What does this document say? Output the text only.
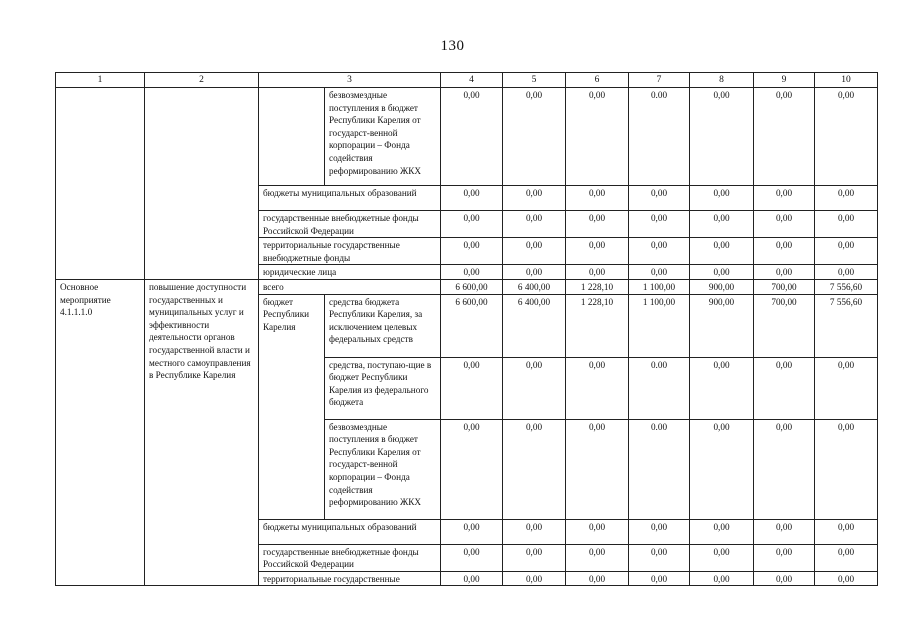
130
1	2	3		4	5	6	7	8	9	10
			безвозмездные поступления в бюджет Республики Карелия от государст-венной корпорации – Фонда содействия реформированию ЖКХ	0,00	0,00	0,00	0.00	0,00	0,00	0,00
		бюджеты муниципальных образований		0,00	0,00	0,00	0,00	0,00	0,00	0,00
		государственные внебюджетные фонды Российской Федерации		0,00	0,00	0,00	0,00	0,00	0,00	0,00
		территориальные государственные внебюджетные фонды		0,00	0,00	0,00	0,00	0,00	0,00	0,00
		юридические лица		0,00	0,00	0,00	0,00	0,00	0,00	0,00
Основное мероприятие 4.1.1.1.0	повышение доступности государственных и муниципальных услуг и эффективности деятельности органов государственной власти и местного самоуправления в Республике Карелия	всего		6 600,00	6 400,00	1 228,10	1 100,00	900,00	700,00	7 556,60
		бюджет Республики Карелия	средства бюджета Республики Карелия, за исключением целевых федеральных средств	6 600,00	6 400,00	1 228,10	1 100,00	900,00	700,00	7 556,60
			средства, поступаю-щие в бюджет Республики Карелия из федерального бюджета	0,00	0,00	0,00	0.00	0,00	0,00	0,00
			безвозмездные поступления в бюджет Республики Карелия от государст-венной корпорации – Фонда содействия реформированию ЖКХ	0,00	0,00	0,00	0.00	0,00	0,00	0,00
		бюджеты муниципальных образований		0,00	0,00	0,00	0,00	0,00	0,00	0,00
		государственные внебюджетные фонды Российской Федерации		0,00	0,00	0,00	0,00	0,00	0,00	0,00
		территориальные государственные		0,00	0,00	0,00	0,00	0,00	0,00	0,00
